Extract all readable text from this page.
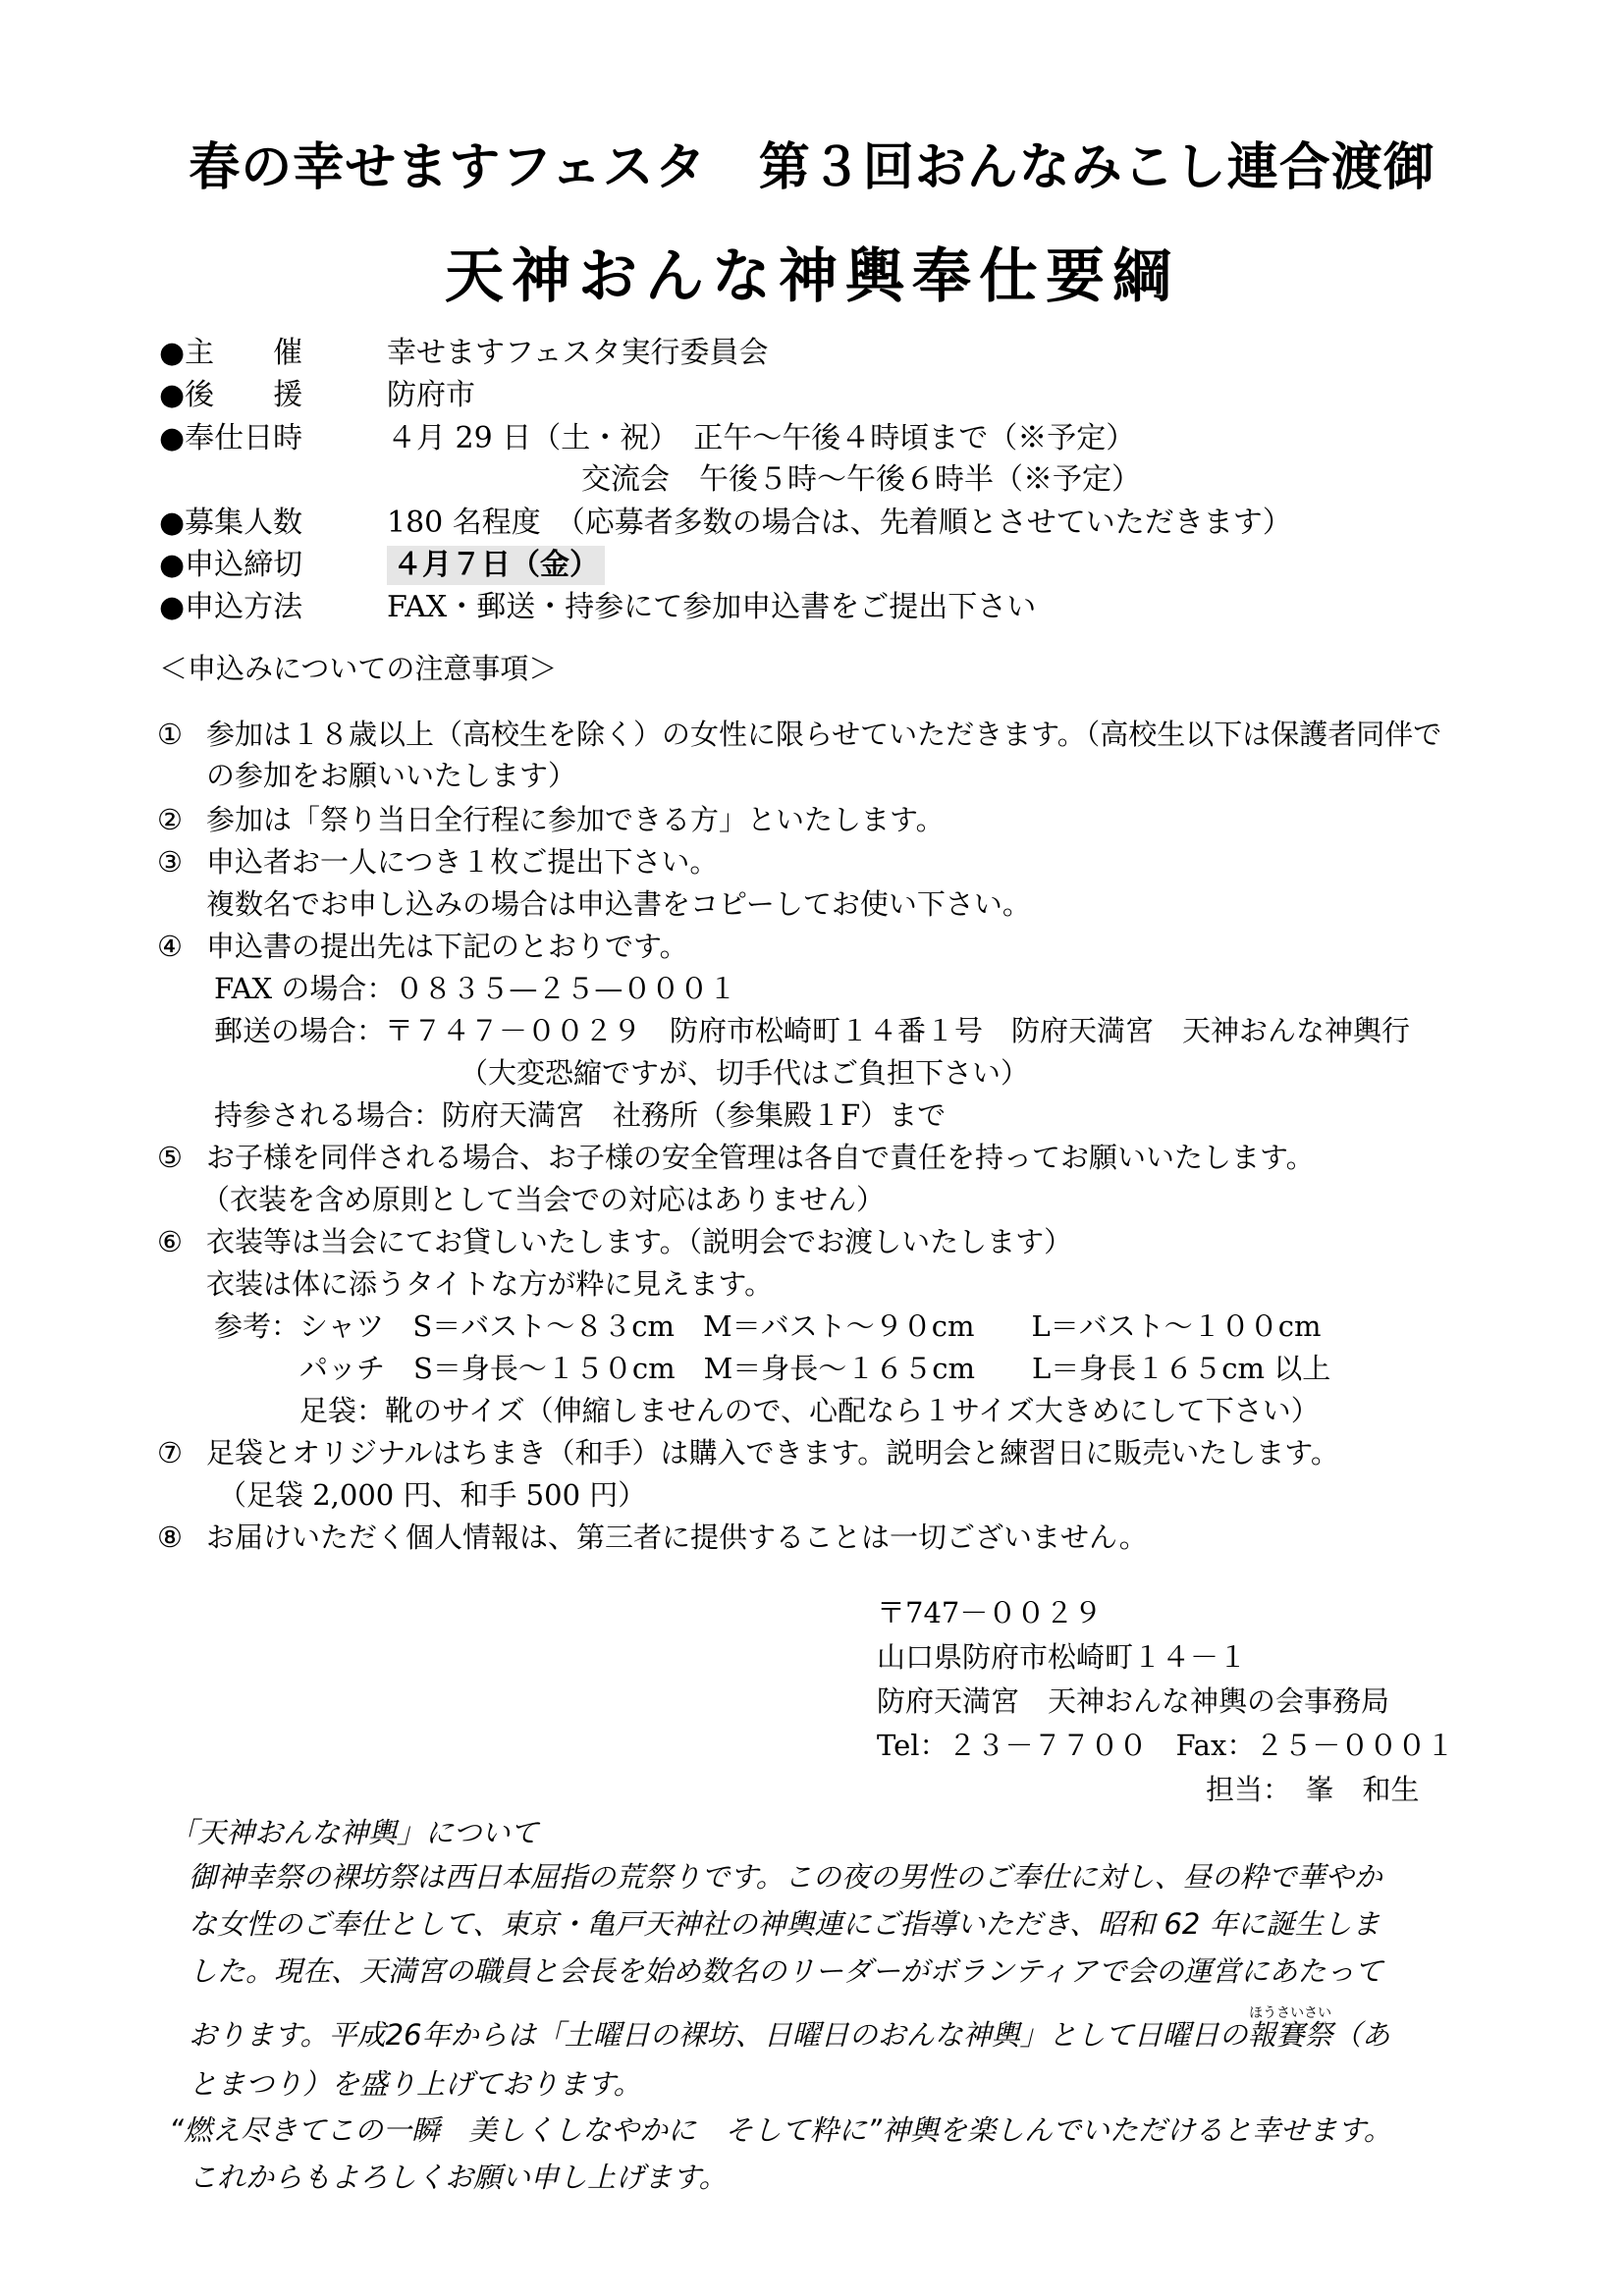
春の幸せますフェスタ　第３回おんなみこし連合渡御
天神おんな神輿奉仕要綱
●主　　催	幸せますフェスタ実行委員会
●後　　援	防府市
●奉仕日時	４月 29 日（土・祝）　正午〜午後４時頃まで（※予定）
交流会　午後５時〜午後６時半（※予定）
●募集人数	180 名程度　（応募者多数の場合は、先着順とさせていただきます）
●申込締切	４月７日（金）
●申込方法	FAX・郵送・持参にて参加申込書をご提出下さい
＜申込みについての注意事項＞
① 参加は１８歳以上（高校生を除く）の女性に限らせていただきます。（高校生以下は保護者同伴で
の参加をお願いいたします）
② 参加は「祭り当日全行程に参加できる方」といたします。
③ 申込者お一人につき１枚ご提出下さい。
複数名でお申し込みの場合は申込書をコピーしてお使い下さい。
④ 申込書の提出先は下記のとおりです。
FAX の場合：０８３５—２５—０００１
郵送の場合：〒７４７－００２９　防府市松崎町１４番１号　防府天満宮　天神おんな神輿行
（大変恐縮ですが、切手代はご負担下さい）
持参される場合：防府天満宮　社務所（参集殿１F）まで
⑤ お子様を同伴される場合、お子様の安全管理は各自で責任を持ってお願いいたします。
（衣装を含め原則として当会での対応はありません）
⑥ 衣装等は当会にてお貸しいたします。（説明会でお渡しいたします）
衣装は体に添うタイトな方が粋に見えます。
参考：シャツ　S＝バスト〜８３cm　M＝バスト〜９０cm　　L＝バスト〜１００cm
パッチ　S＝身長〜１５０cm　M＝身長〜１６５cm　　L＝身長１６５cm 以上
足袋：靴のサイズ（伸縮しませんので、心配なら１サイズ大きめにして下さい）
⑦ 足袋とオリジナルはちまき（和手）は購入できます。説明会と練習日に販売いたします。
（足袋 2,000 円、和手 500 円）
⑧ お届けいただく個人情報は、第三者に提供することは一切ございません。
〒747－００２９
山口県防府市松崎町１４－１
防府天満宮　天神おんな神輿の会事務局
Tel：２３－７７００　Fax：２５－０００１
担当：　峯　和生
「天神おんな神輿」について
御神幸祭の裸坊祭は西日本屈指の荒祭りです。この夜の男性のご奉仕に対し、昼の粋で華やか
な女性のご奉仕として、東京・亀戸天神社の神輿連にご指導いただき、昭和 62 年に誕生しま
した。現在、天満宮の職員と会長を始め数名のリーダーがボランティアで会の運営にあたって
おります。平成26年からは「土曜日の裸坊、日曜日のおんな神輿」として日曜日の
ほうさいさい
報賽祭（あ
とまつり）を盛り上げております。
“燃え尽きてこの一瞬　美しくしなやかに　そして粋に”神輿を楽しんでいただけると幸せます。
これからもよろしくお願い申し上げます。
